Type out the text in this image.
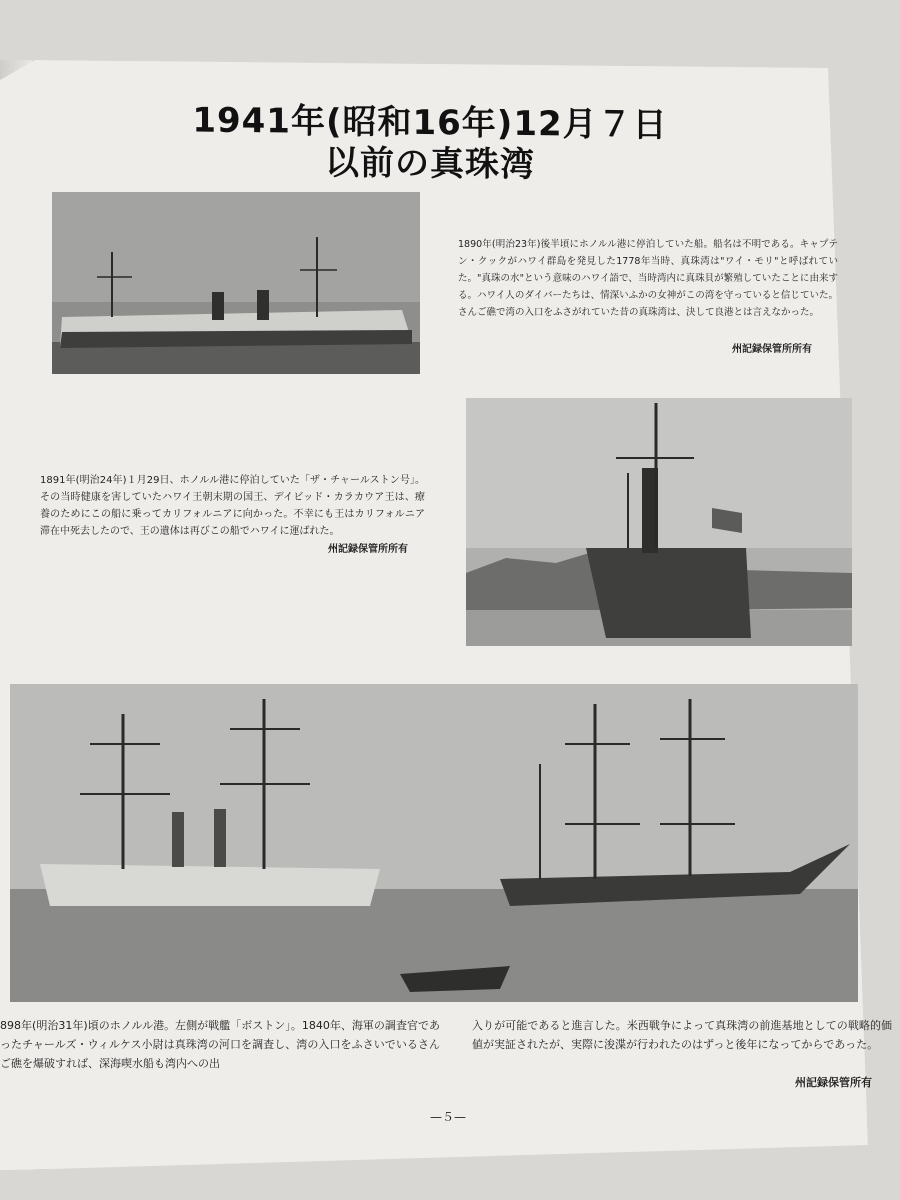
1941年(昭和16年)12月７日
以前の真珠湾
1890年(明治23年)後半頃にホノルル港に停泊していた船。船名は不明である。キャプテン・クックがハワイ群島を発見した1778年当時、真珠湾は"ワイ・モリ"と呼ばれていた。"真珠の水"という意味のハワイ語で、当時湾内に真珠貝が繁殖していたことに由来する。ハワイ人のダイバーたちは、情深いふかの女神がこの湾を守っていると信じていた。さんご礁で湾の入口をふさがれていた昔の真珠湾は、決して良港とは言えなかった。
州記録保管所所有
1891年(明治24年)１月29日、ホノルル港に停泊していた「ザ・チャールストン号」。その当時健康を害していたハワイ王朝末期の国王、デイビッド・カラカウア王は、療養のためにこの船に乗ってカリフォルニアに向かった。不幸にも王はカリフォルニア滞在中死去したので、王の遺体は再びこの船でハワイに運ばれた。
州記録保管所所有
898年(明治31年)頃のホノルル港。左側が戦艦「ボストン」。1840年、海軍の調査官であったチャールズ・ウィルケス小尉は真珠湾の河口を調査し、湾の入口をふさいでいるさんご礁を爆破すれば、深海喫水船も湾内への出
入りが可能であると進言した。米西戦争によって真珠湾の前進基地としての戦略的価値が実証されたが、実際に浚渫が行われたのはずっと後年になってからであった。
州記録保管所有
—５—
